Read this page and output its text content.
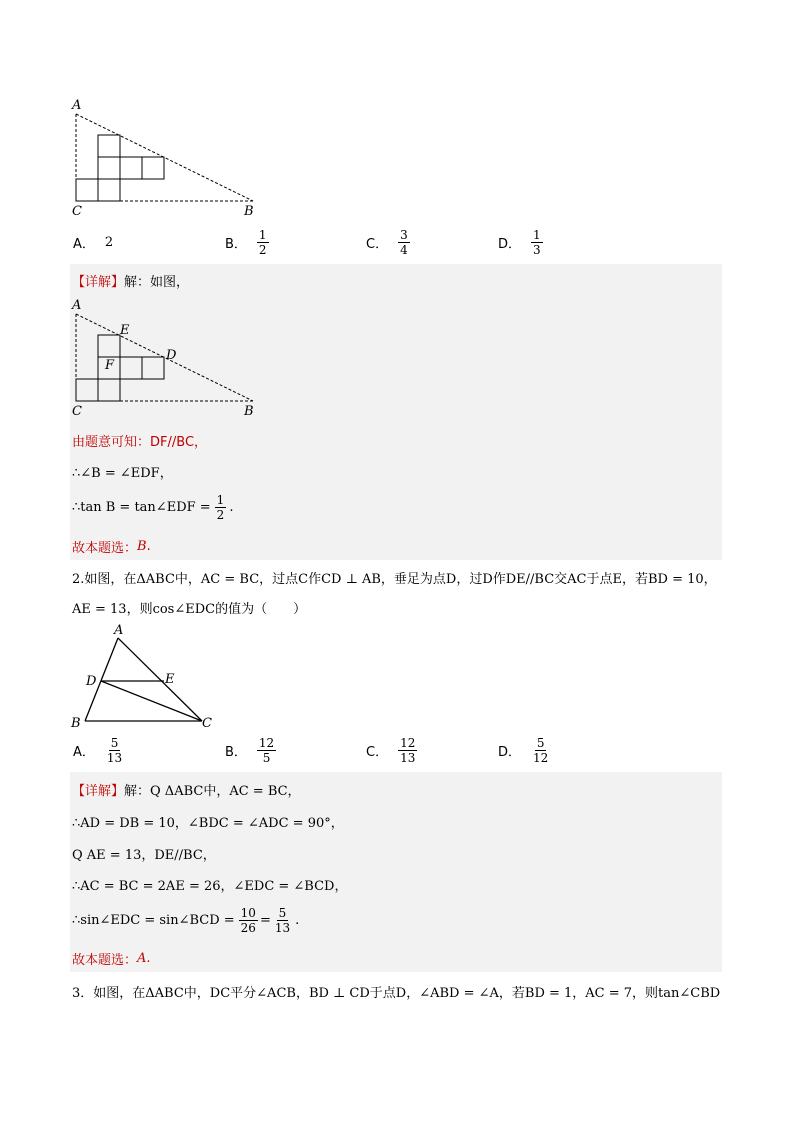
A
C	B
A． 2	B． $\frac{1}{2}$	C． $\frac{3}{4}$	D． $\frac{1}{3}$
【详解】 解：如图，
A
E
D
F
C	B
由题意可知：DF//BC，
∴∠B = ∠EDF，
∴tan B = tan∠EDF = $\frac{1}{2}$ .
故本题选： B .
2.如图，在ΔABC中，AC = BC，过点C作CD ⊥ AB，垂足为点D，过D作DE//BC交AC于点E，若BD = 10，
AE = 13，则cos∠EDC的值为（　　）
A
D	E
B	C
A． $\frac{5}{13}$	B． $\frac{12}{5}$	C． $\frac{12}{13}$	D． $\frac{5}{12}$
【详解】 解：Q ΔABC中，AC = BC，
∴AD = DB = 10，∠BDC = ∠ADC = 90°，
Q AE = 13，DE//BC，
∴AC = BC = 2AE = 26，∠EDC = ∠BCD，
∴sin∠EDC = sin∠BCD = $\frac{10}{26} = \frac{5}{13}$ .
故本题选： A .
3．如图，在ΔABC中，DC平分∠ACB，BD ⊥ CD于点D，∠ABD = ∠A，若BD = 1，AC = 7，则tan∠CBD
